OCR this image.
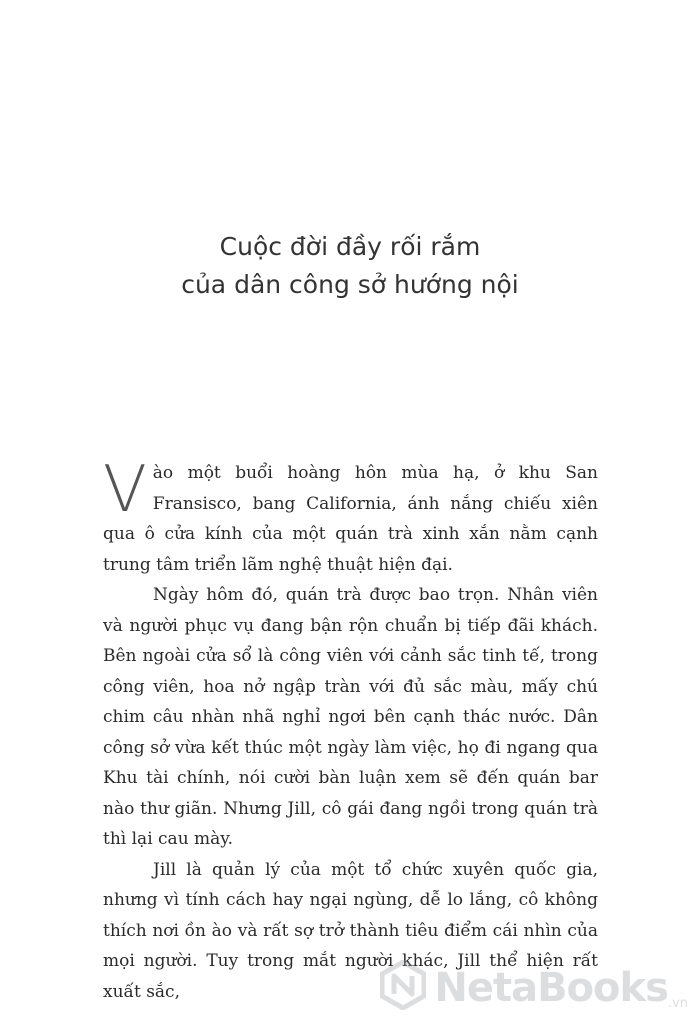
Cuộc đời đầy rối rắm
của dân công sở hướng nội

Vào một buổi hoàng hôn mùa hạ, ở khu San Fransisco, bang California, ánh nắng chiếu xiên qua ô cửa kính của một quán trà xinh xắn nằm cạnh trung tâm triển lãm nghệ thuật hiện đại.

Ngày hôm đó, quán trà được bao trọn. Nhân viên và người phục vụ đang bận rộn chuẩn bị tiếp đãi khách. Bên ngoài cửa sổ là công viên với cảnh sắc tinh tế, trong công viên, hoa nở ngập tràn với đủ sắc màu, mấy chú chim câu nhàn nhã nghỉ ngơi bên cạnh thác nước. Dân công sở vừa kết thúc một ngày làm việc, họ đi ngang qua Khu tài chính, nói cười bàn luận xem sẽ đến quán bar nào thư giãn. Nhưng Jill, cô gái đang ngồi trong quán trà thì lại cau mày.

Jill là quản lý của một tổ chức xuyên quốc gia, nhưng vì tính cách hay ngại ngùng, dễ lo lắng, cô không thích nơi ồn ào và rất sợ trở thành tiêu điểm cái nhìn của mọi người. Tuy trong mắt người khác, Jill thể hiện rất xuất sắc,	NetaBooks .vn
